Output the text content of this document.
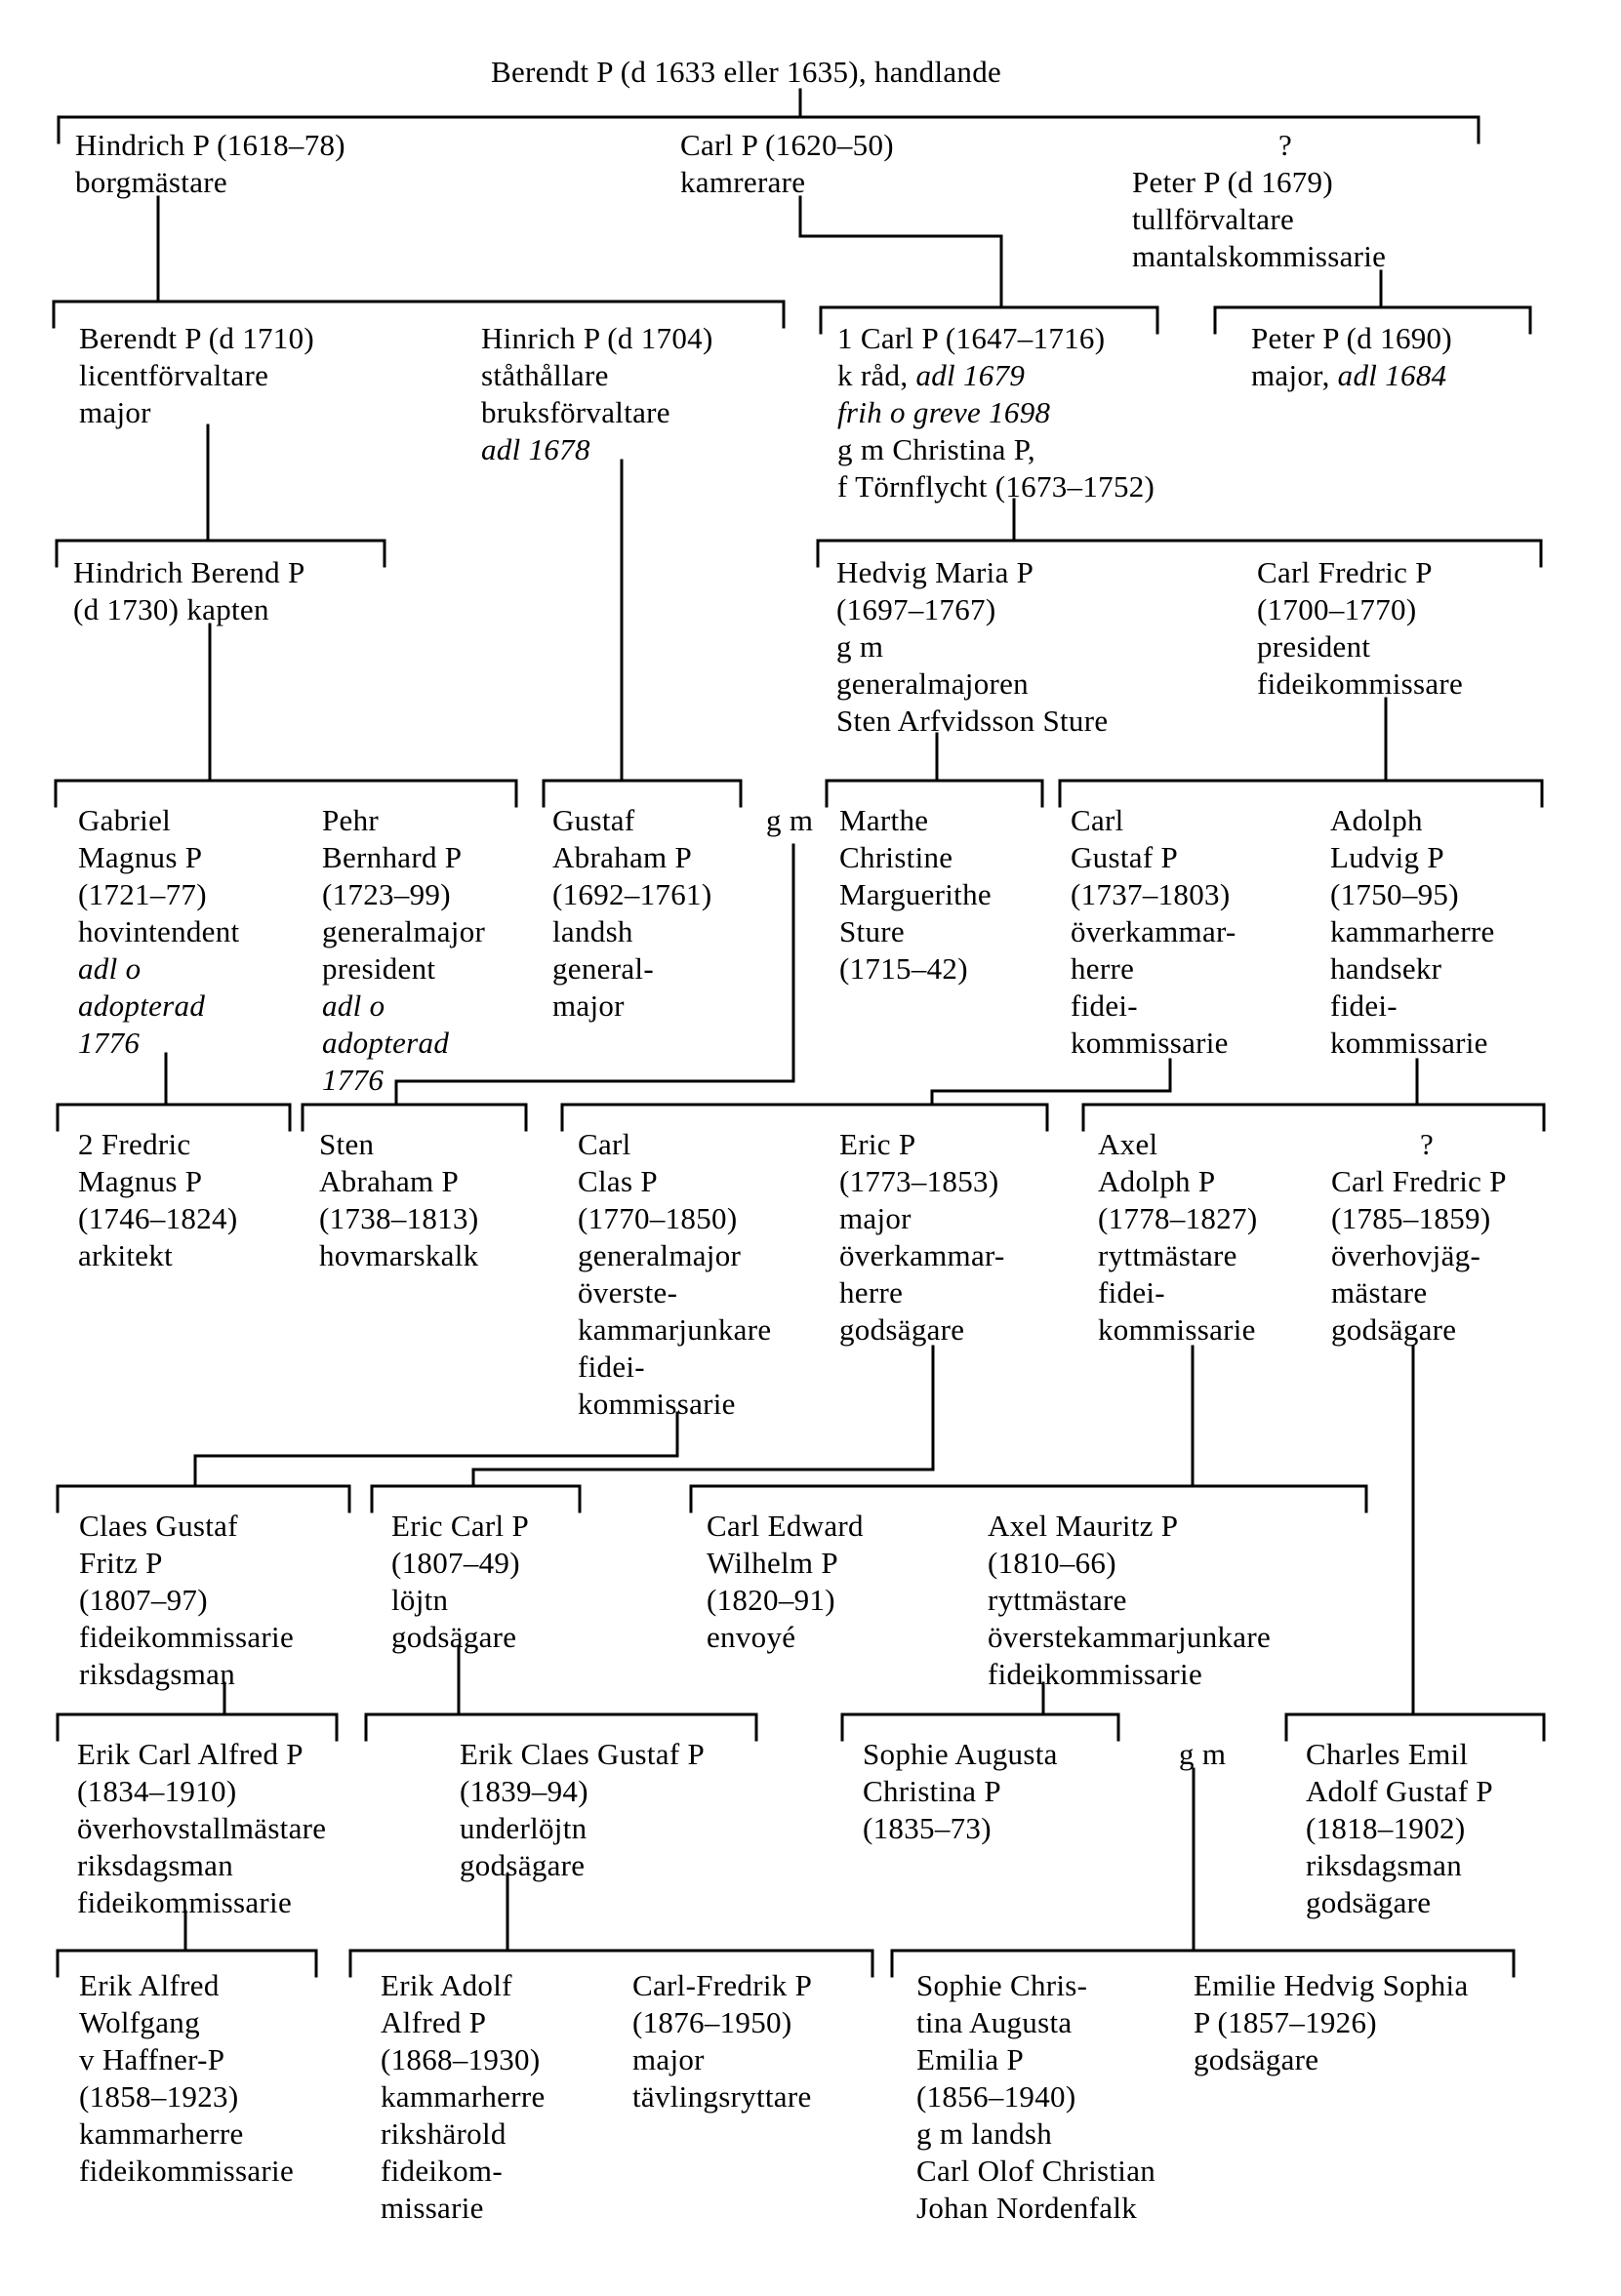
Berendt P (d 1633 eller 1635), handlande
Hindrich P (1618–78)
borgmästare
Carl P (1620–50)
kamrerare
?
Peter P (d 1679)
tullförvaltare
mantalskommissarie
Berendt P (d 1710)
licentförvaltare
major
Hinrich P (d 1704)
ståthållare
bruksförvaltare
adl 1678
1 Carl P (1647–1716)
k råd, adl 1679
frih o greve 1698
g m Christina P,
f Törnflycht (1673–1752)
Peter P (d 1690)
major, adl 1684
Hindrich Berend P
(d 1730) kapten
Hedvig Maria P
(1697–1767)
g m
generalmajoren
Sten Arfvidsson Sture
Carl Fredric P
(1700–1770)
president
fideikommissare
Gabriel
Magnus P
(1721–77)
hovintendent
adl o
adopterad
1776
Pehr
Bernhard P
(1723–99)
generalmajor
president
adl o
adopterad
1776
Gustaf
Abraham P
(1692–1761)
landsh
general-
major
g m Marthe
Christine
Marguerithe
Sture
(1715–42)
Carl
Gustaf P
(1737–1803)
överkammar-
herre
fidei-
kommissarie
Adolph
Ludvig P
(1750–95)
kammarherre
handsekr
fidei-
kommissarie
2 Fredric
Magnus P
(1746–1824)
arkitekt
Sten
Abraham P
(1738–1813)
hovmarskalk
Carl
Clas P
(1770–1850)
generalmajor
överste-
kammarjunkare
fidei-
kommissarie
Eric P
(1773–1853)
major
överkammar-
herre
godsägare
Axel
Adolph P
(1778–1827)
ryttmästare
fidei-
kommissarie
?
Carl Fredric P
(1785–1859)
överhovjäg-
mästare
godsägare
Claes Gustaf
Fritz P
(1807–97)
fideikommissarie
riksdagsman
Eric Carl P
(1807–49)
löjtn
godsägare
Carl Edward
Wilhelm P
(1820–91)
envoyé
Axel Mauritz P
(1810–66)
ryttmästare
överstekammarjunkare
fideikommissarie
Erik Carl Alfred P
(1834–1910)
överhovstallmästare
riksdagsman
fideikommissarie
Erik Claes Gustaf P
(1839–94)
underlöjtn
godsägare
Sophie Augusta
Christina P
(1835–73)
g m	Charles Emil
Adolf Gustaf P
(1818–1902)
riksdagsman
godsägare
Erik Alfred
Wolfgang
v Haffner-P
(1858–1923)
kammarherre
fideikommissarie
Erik Adolf
Alfred P
(1868–1930)
kammarherre
rikshärold
fideikom-
missarie
Carl-Fredrik P
(1876–1950)
major
tävlingsryttare
Sophie Chris-
tina Augusta
Emilia P
(1856–1940)
g m landsh
Carl Olof Christian
Johan Nordenfalk
Emilie Hedvig Sophia
P (1857–1926)
godsägare
